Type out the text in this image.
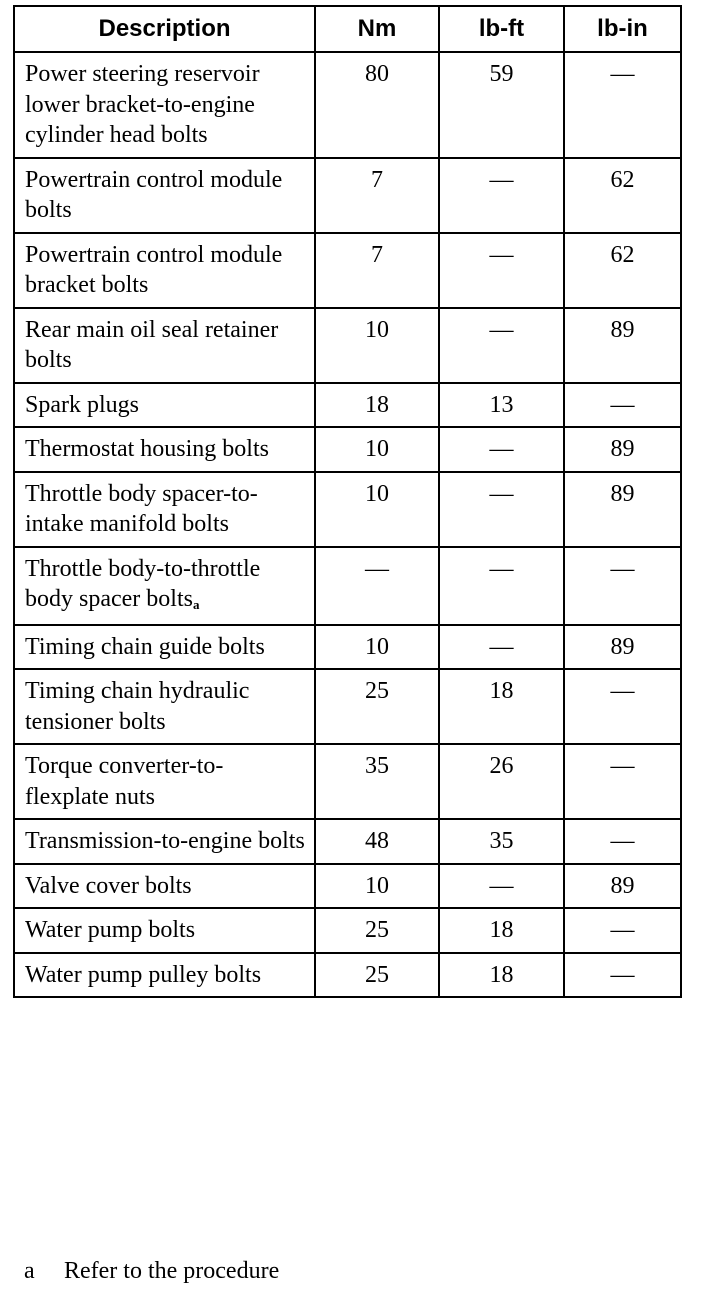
Description	Nm	lb-ft	lb-in
Power steering reservoir lower bracket-to-engine cylinder head bolts	80	59	—
Powertrain control module bolts	7	—	62
Powertrain control module bracket bolts	7	—	62
Rear main oil seal retainer bolts	10	—	89
Spark plugs	18	13	—
Thermostat housing bolts	10	—	89
Throttle body spacer-to-intake manifold bolts	10	—	89
Throttle body-to-throttle body spacer bolts$_a$	—	—	—
Timing chain guide bolts	10	—	89
Timing chain hydraulic tensioner bolts	25	18	—
Torque converter-to-flexplate nuts	35	26	—
Transmission-to-engine bolts	48	35	—
Valve cover bolts	10	—	89
Water pump bolts	25	18	—
Water pump pulley bolts	25	18	—
a Refer to the procedure
